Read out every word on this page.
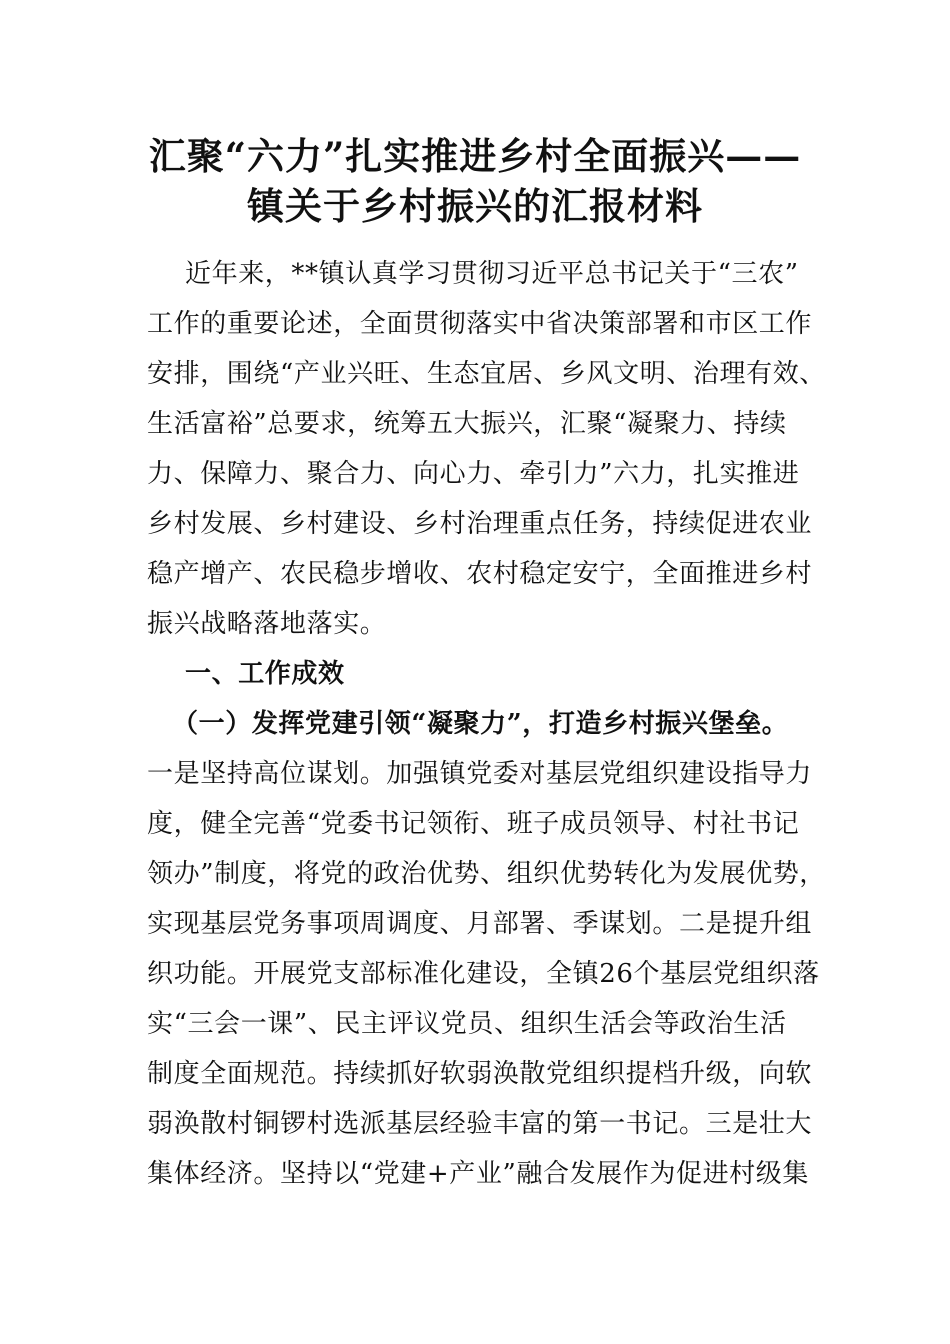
汇聚“六力”扎实推进乡村全面振兴——
镇关于乡村振兴的汇报材料
近年来，**镇认真学习贯彻习近平总书记关于“三农”
工作的重要论述，全面贯彻落实中省决策部署和市区工作
安排，围绕“产业兴旺、生态宜居、乡风文明、治理有效、
生活富裕”总要求，统筹五大振兴，汇聚“凝聚力、持续
力、保障力、聚合力、向心力、牵引力”六力，扎实推进
乡村发展、乡村建设、乡村治理重点任务，持续促进农业
稳产增产、农民稳步增收、农村稳定安宁，全面推进乡村
振兴战略落地落实。
一、工作成效
（一）发挥党建引领“凝聚力”，打造乡村振兴堡垒。
一是坚持高位谋划。加强镇党委对基层党组织建设指导力
度，健全完善“党委书记领衔、班子成员领导、村社书记
领办”制度，将党的政治优势、组织优势转化为发展优势，
实现基层党务事项周调度、月部署、季谋划。二是提升组
织功能。开展党支部标准化建设，全镇26个基层党组织落
实“三会一课”、民主评议党员、组织生活会等政治生活
制度全面规范。持续抓好软弱涣散党组织提档升级，向软
弱涣散村铜锣村选派基层经验丰富的第一书记。三是壮大
集体经济。坚持以“党建+产业”融合发展作为促进村级集
